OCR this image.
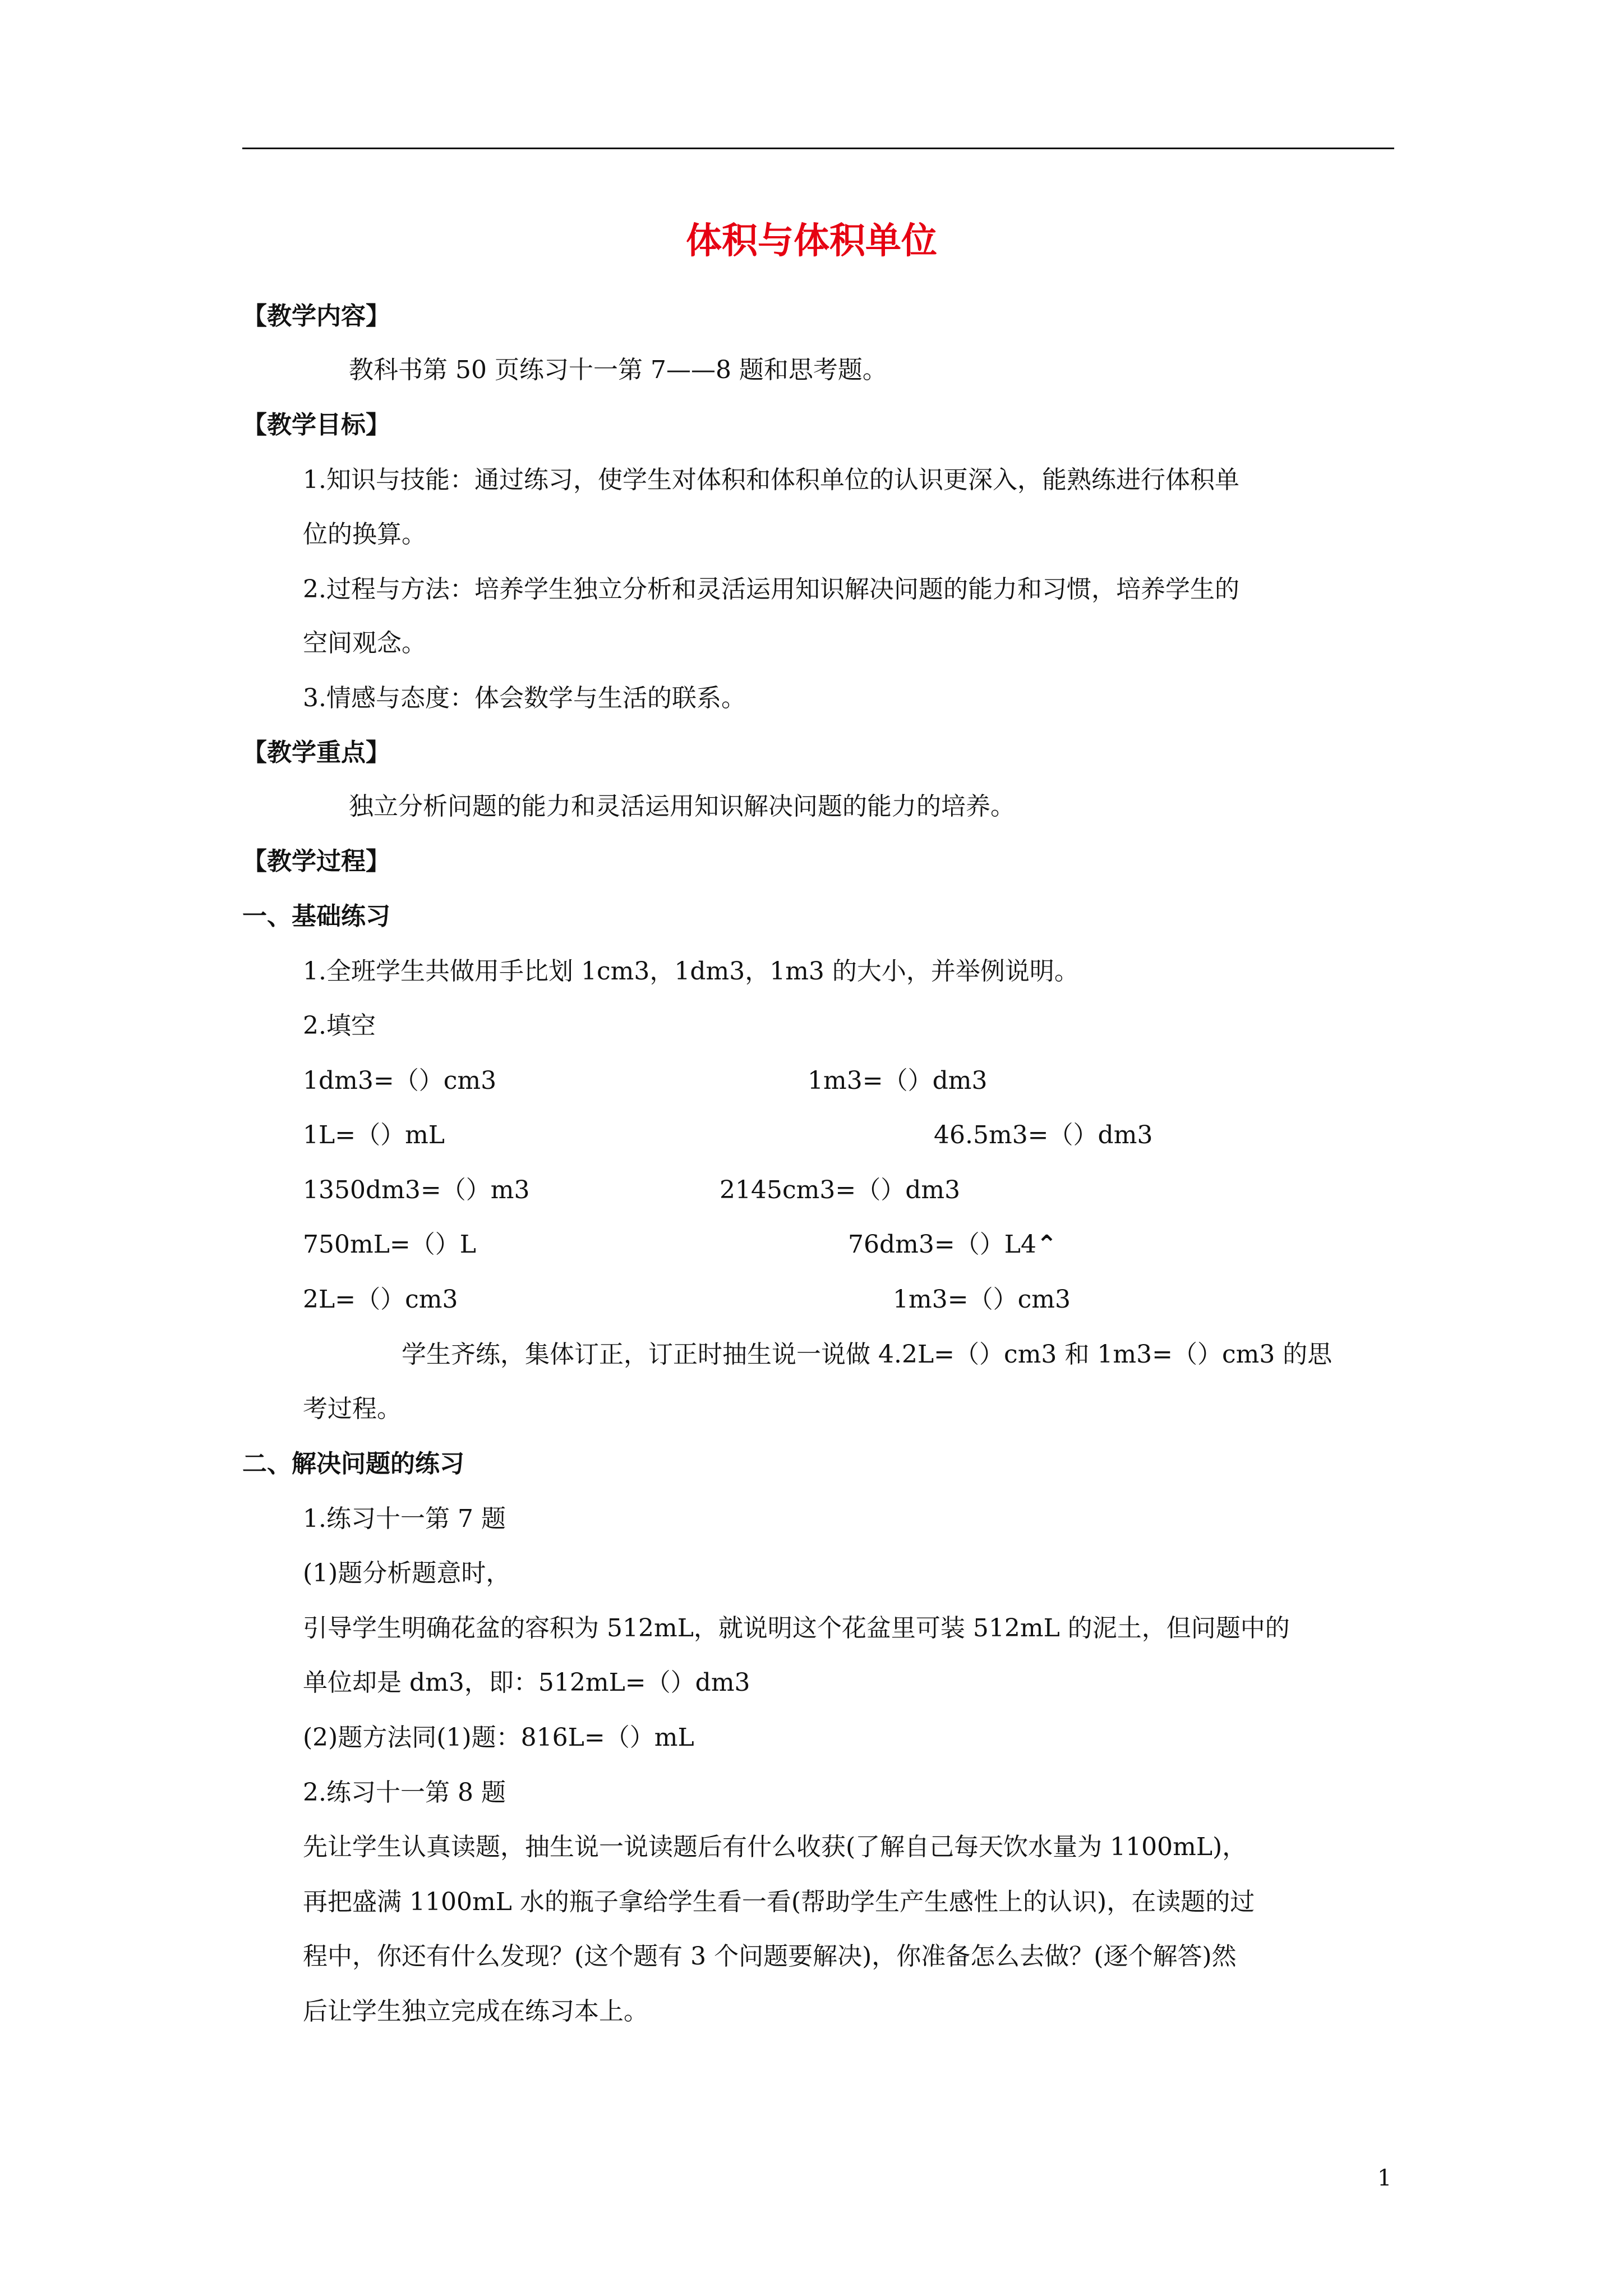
体积与体积单位
【教学内容】
教科书第 50 页练习十一第 7——8 题和思考题。
【教学目标】
1.知识与技能：通过练习，使学生对体积和体积单位的认识更深入，能熟练进行体积单
位的换算。
2.过程与方法：培养学生独立分析和灵活运用知识解决问题的能力和习惯，培养学生的
空间观念。
3.情感与态度：体会数学与生活的联系。
【教学重点】
独立分析问题的能力和灵活运用知识解决问题的能力的培养。
【教学过程】
一、基础练习
1.全班学生共做用手比划 1cm3，1dm3，1m3 的大小，并举例说明。
2.填空
1dm3=（）cm3	1m3=（）dm3
1L=（）mL	46.5m3=（）dm3
1350dm3=（）m3	2145cm3=（）dm3
750mL=（）L	76dm3=（）L4⌃
2L=（）cm3	1m3=（）cm3
学生齐练，集体订正，订正时抽生说一说做 4.2L=（）cm3 和 1m3=（）cm3 的思
考过程。
二、解决问题的练习
1.练习十一第 7 题
(1)题分析题意时，
引导学生明确花盆的容积为 512mL，就说明这个花盆里可装 512mL 的泥土，但问题中的
单位却是 dm3，即：512mL=（）dm3
(2)题方法同(1)题：816L=（）mL
2.练习十一第 8 题
先让学生认真读题，抽生说一说读题后有什么收获(了解自己每天饮水量为 1100mL)，
再把盛满 1100mL 水的瓶子拿给学生看一看(帮助学生产生感性上的认识)，在读题的过
程中，你还有什么发现？(这个题有 3 个问题要解决)，你准备怎么去做？(逐个解答)然
后让学生独立完成在练习本上。
1
